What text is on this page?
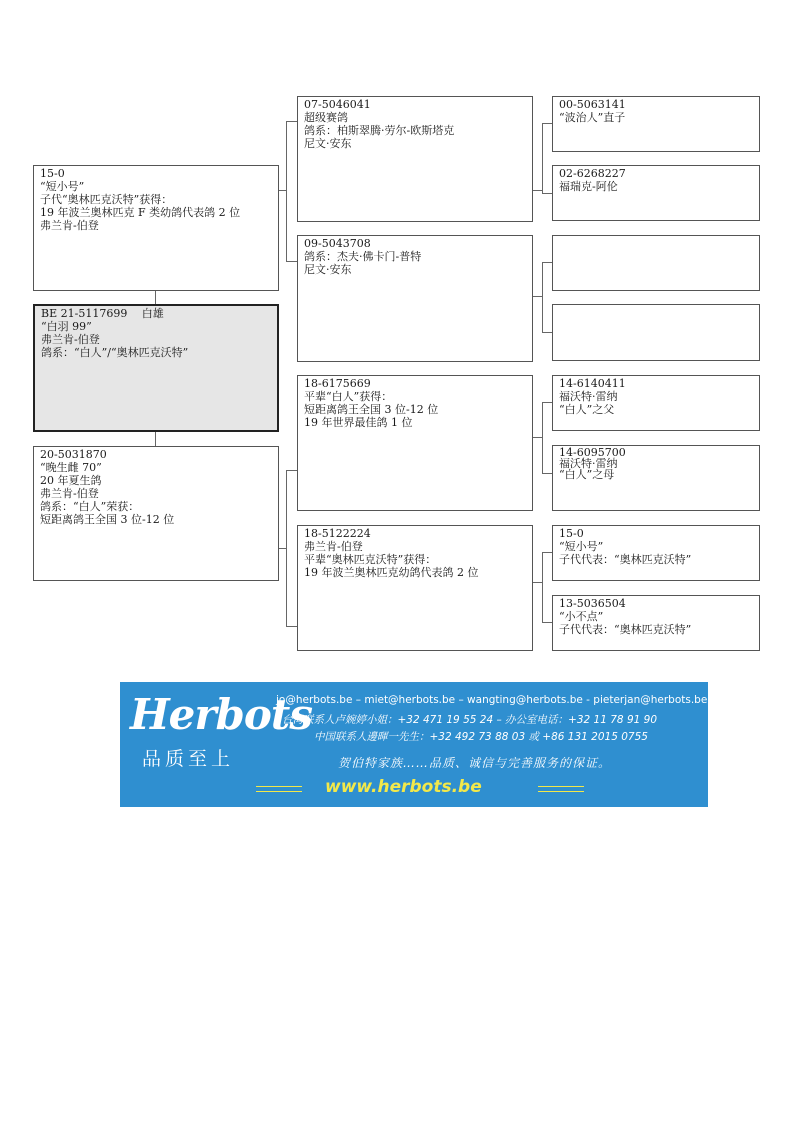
15-0
“短小号”
子代“奥林匹克沃特”获得：
19 年波兰奥林匹克 F 类幼鸽代表鸽 2 位
弗兰肯-伯登
BE 21-5117699　 白雄
“白羽 99”
弗兰肯-伯登
鸽系：“白人”/“奥林匹克沃特”
20-5031870
“晚生雌 70”
20 年夏生鸽
弗兰肯-伯登
鸽系：“白人”荣获：
短距离鸽王全国 3 位-12 位
07-5046041
超级赛鸽
鸽系：柏斯翠腾·劳尔-欧斯塔克
尼文·安东
09-5043708
鸽系：杰夫·佛卡门-普特
尼文·安东
18-6175669
平辈“白人”获得：
短距离鸽王全国 3 位-12 位
19 年世界最佳鸽 1 位
18-5122224
弗兰肯-伯登
平辈“奥林匹克沃特”获得：
19 年波兰奥林匹克幼鸽代表鸽 2 位
00-5063141
“波治人”直子
02-6268227
福瑞克-阿伦
14-6140411
福沃特·雷纳
“白人”之父
14-6095700
福沃特·雷纳
“白人”之母
15-0
“短小号”
子代代表：“奥林匹克沃特”
13-5036504
“小不点”
子代代表：“奥林匹克沃特”
Herbots
品质至上
jo@herbots.be – miet@herbots.be – wangting@herbots.be - pieterjan@herbots.be
台湾联系人卢婉婷小姐：+32 471 19 55 24 – 办公室电话：+32 11 78 91 90
中国联系人邊暉一先生：+32 492 73 88 03 或 +86 131 2015 0755
贺伯特家族……品质、诚信与完善服务的保证。
www.herbots.be
